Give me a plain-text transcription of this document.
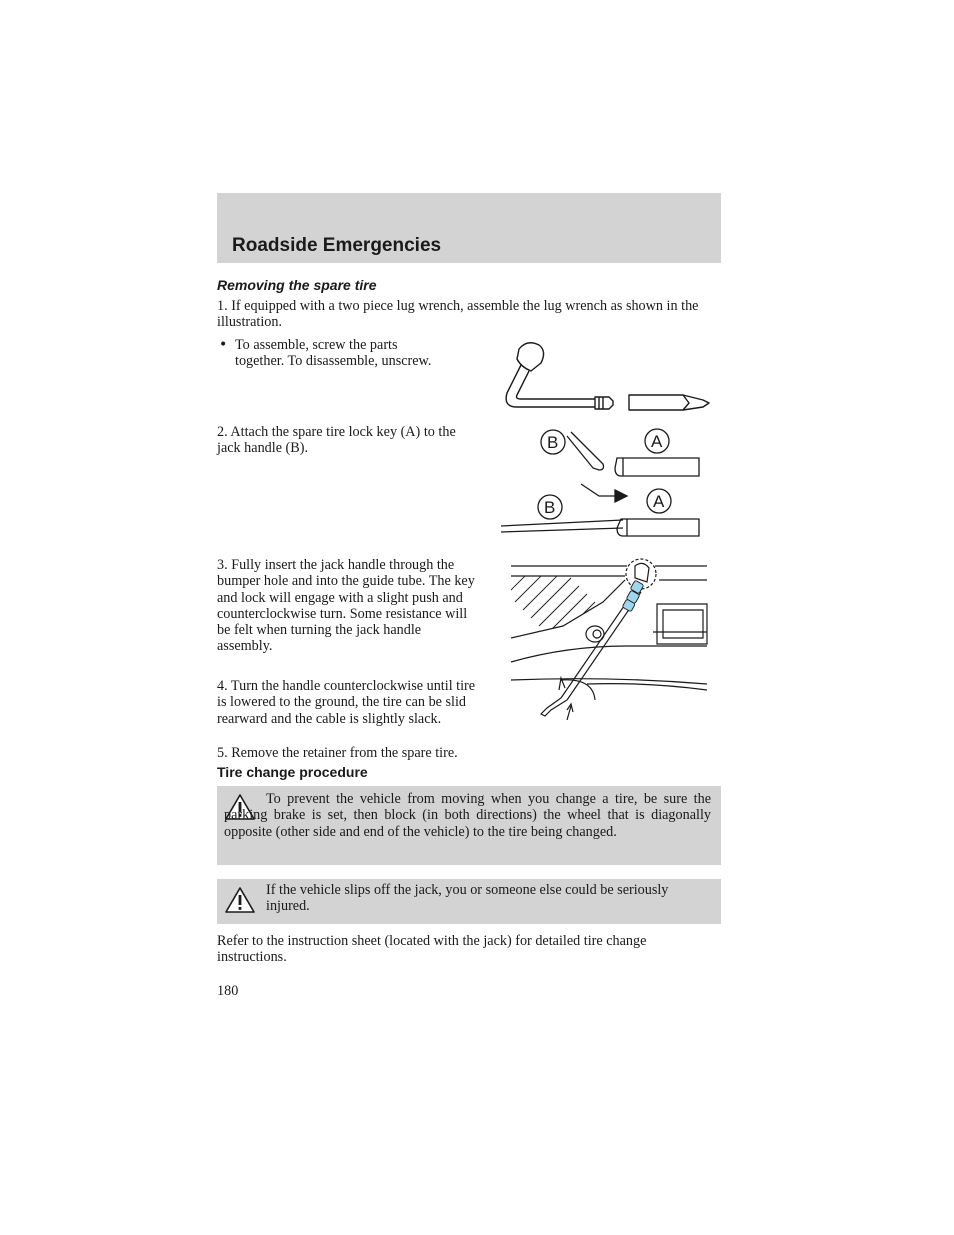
Roadside Emergencies
Removing the spare tire

1. If equipped with a two piece lug wrench, assemble the lug wrench as shown in the illustration.

• To assemble, screw the parts together. To disassemble, unscrew.

2. Attach the spare tire lock key (A) to the jack handle (B).	B	A
B	A

3. Fully insert the jack handle through the bumper hole and into the guide tube. The key and lock will engage with a slight push and counterclockwise turn. Some resistance will be felt when turning the jack handle assembly.

4. Turn the handle counterclockwise until tire is lowered to the ground, the tire can be slid rearward and the cable is slightly slack.

5. Remove the retainer from the spare tire.

Tire change procedure

To prevent the vehicle from moving when you change a tire, be sure the parking brake is set, then block (in both directions) the wheel that is diagonally opposite (other side and end of the vehicle) to the tire being changed.

If the vehicle slips off the jack, you or someone else could be seriously injured.

Refer to the instruction sheet (located with the jack) for detailed tire change instructions.

180
